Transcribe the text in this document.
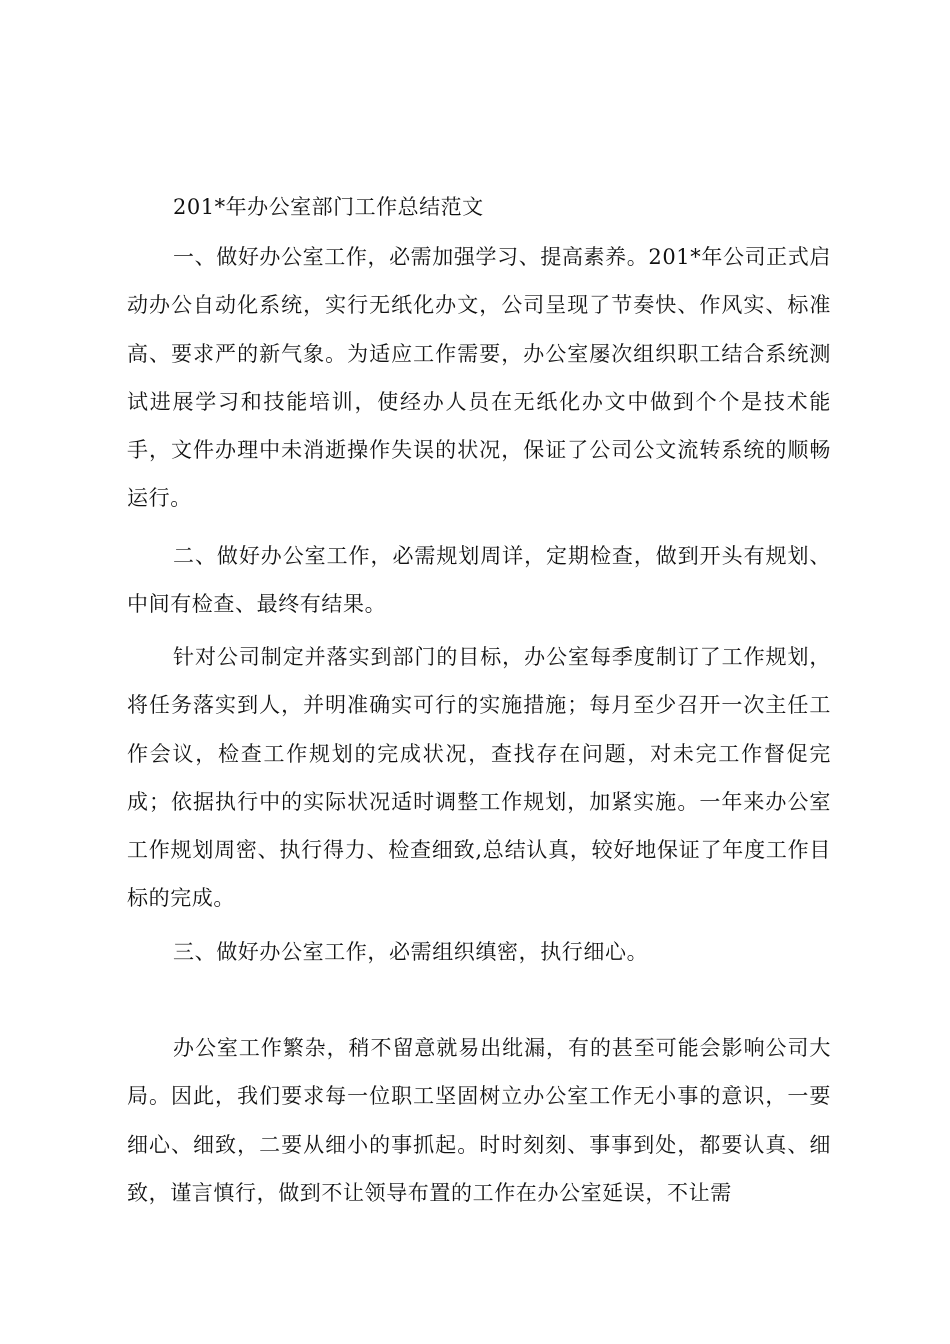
201*年办公室部门工作总结范文

一、做好办公室工作，必需加强学习、提高素养。201*年公司正式启动办公自动化系统，实行无纸化办文，公司呈现了节奏快、作风实、标准高、要求严的新气象。为适应工作需要，办公室屡次组织职工结合系统测试进展学习和技能培训，使经办人员在无纸化办文中做到个个是技术能手，文件办理中未消逝操作失误的状况，保证了公司公文流转系统的顺畅运行。

二、做好办公室工作，必需规划周详，定期检查，做到开头有规划、中间有检查、最终有结果。

针对公司制定并落实到部门的目标，办公室每季度制订了工作规划，将任务落实到人，并明准确实可行的实施措施；每月至少召开一次主任工作会议，检查工作规划的完成状况，查找存在问题，对未完工作督促完成；依据执行中的实际状况适时调整工作规划，加紧实施。一年来办公室工作规划周密、执行得力、检查细致,总结认真，较好地保证了年度工作目标的完成。

三、做好办公室工作，必需组织缜密，执行细心。

办公室工作繁杂，稍不留意就易出纰漏，有的甚至可能会影响公司大局。因此，我们要求每一位职工坚固树立办公室工作无小事的意识，一要细心、细致，二要从细小的事抓起。时时刻刻、事事到处，都要认真、细致，谨言慎行，做到不让领导布置的工作在办公室延误，不让需
